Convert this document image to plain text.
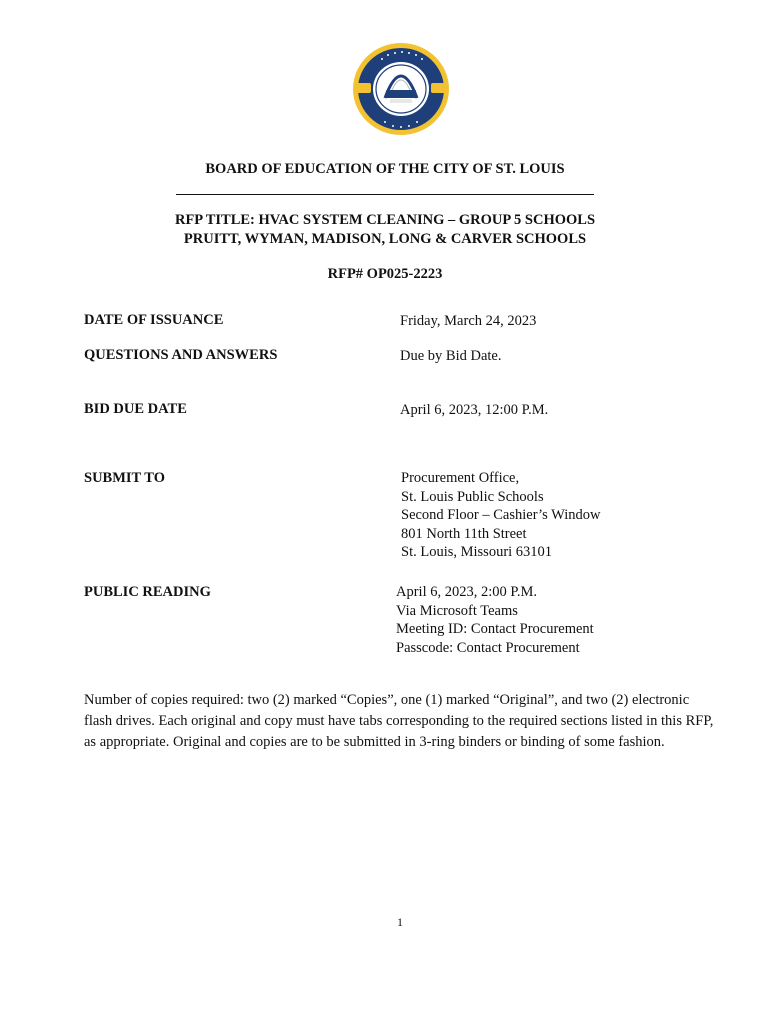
BOARD OF EDUCATION OF THE CITY OF ST. LOUIS
RFP TITLE: HVAC SYSTEM CLEANING – GROUP 5 SCHOOLS
PRUITT, WYMAN, MADISON, LONG & CARVER SCHOOLS
RFP# OP025-2223
DATE OF ISSUANCE	Friday, March 24, 2023
QUESTIONS AND ANSWERS	Due by Bid Date.
BID DUE DATE	April 6, 2023, 12:00 P.M.
SUBMIT TO	Procurement Office,
St. Louis Public Schools
Second Floor – Cashier’s Window
801 North 11th Street
St. Louis, Missouri 63101
PUBLIC READING	April 6, 2023, 2:00 P.M.
Via Microsoft Teams
Meeting ID: Contact Procurement
Passcode: Contact Procurement
Number of copies required: two (2) marked “Copies”, one (1) marked “Original”, and two (2) electronic flash drives. Each original and copy must have tabs corresponding to the required sections listed in this RFP, as appropriate. Original and copies are to be submitted in 3-ring binders or binding of some fashion.
1
